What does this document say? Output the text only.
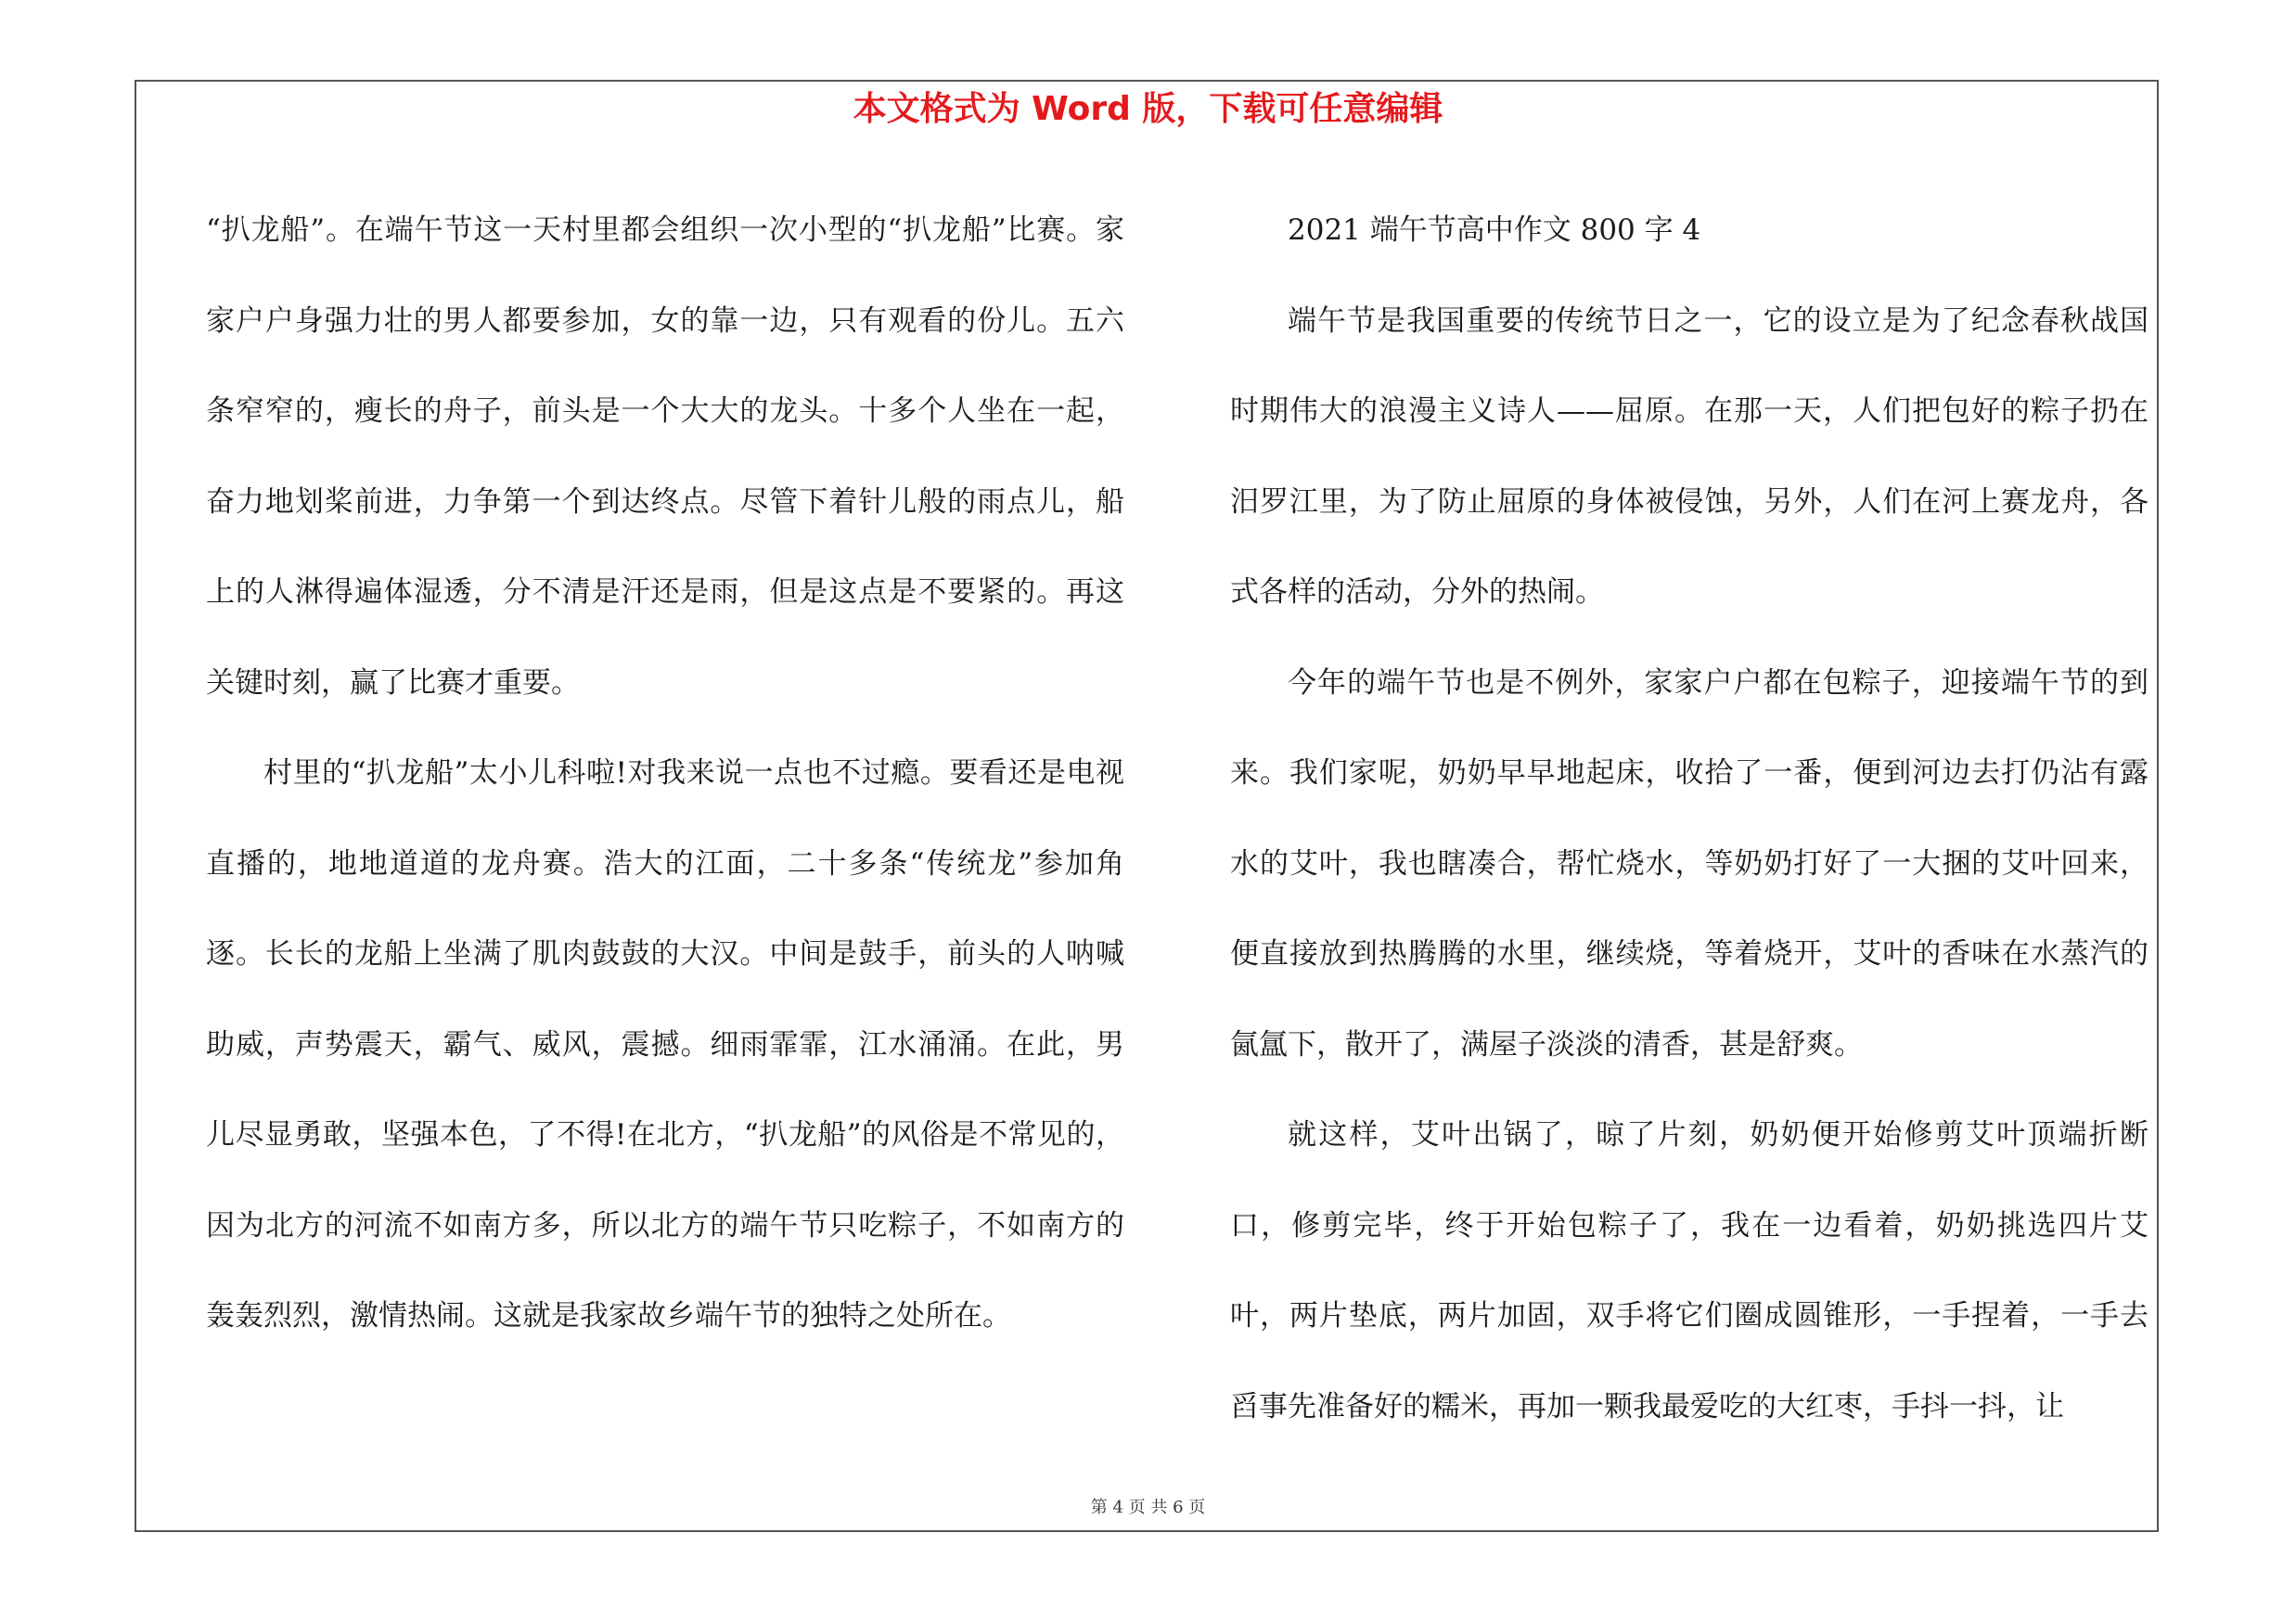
本文格式为 Word 版，下载可任意编辑

“扒龙船”。在端午节这一天村里都会组织一次小型的“扒龙船”比赛。家家户户身强力壮的男人都要参加，女的靠一边，只有观看的份儿。五六条窄窄的，瘦长的舟子，前头是一个大大的龙头。十多个人坐在一起，奋力地划桨前进，力争第一个到达终点。尽管下着针儿般的雨点儿，船上的人淋得遍体湿透，分不清是汗还是雨，但是这点是不要紧的。再这关键时刻，赢了比赛才重要。

村里的“扒龙船”太小儿科啦!对我来说一点也不过瘾。要看还是电视直播的，地地道道的龙舟赛。浩大的江面，二十多条“传统龙”参加角逐。长长的龙船上坐满了肌肉鼓鼓的大汉。中间是鼓手，前头的人呐喊助威，声势震天，霸气、威风，震撼。细雨霏霏，江水涌涌。在此，男儿尽显勇敢，坚强本色，了不得!在北方，“扒龙船”的风俗是不常见的，因为北方的河流不如南方多，所以北方的端午节只吃粽子，不如南方的轰轰烈烈，激情热闹。这就是我家故乡端午节的独特之处所在。

2021 端午节高中作文 800 字 4

端午节是我国重要的传统节日之一，它的设立是为了纪念春秋战国时期伟大的浪漫主义诗人——屈原。在那一天，人们把包好的粽子扔在汨罗江里，为了防止屈原的身体被侵蚀，另外，人们在河上赛龙舟，各式各样的活动，分外的热闹。

今年的端午节也是不例外，家家户户都在包粽子，迎接端午节的到来。我们家呢，奶奶早早地起床，收拾了一番，便到河边去打仍沾有露水的艾叶，我也瞎凑合，帮忙烧水，等奶奶打好了一大捆的艾叶回来，便直接放到热腾腾的水里，继续烧，等着烧开，艾叶的香味在水蒸汽的氤氲下，散开了，满屋子淡淡的清香，甚是舒爽。

就这样，艾叶出锅了，晾了片刻，奶奶便开始修剪艾叶顶端折断口，修剪完毕，终于开始包粽子了，我在一边看着，奶奶挑选四片艾叶，两片垫底，两片加固，双手将它们圈成圆锥形，一手捏着，一手去舀事先准备好的糯米，再加一颗我最爱吃的大红枣，手抖一抖，让

第 4 页 共 6 页
